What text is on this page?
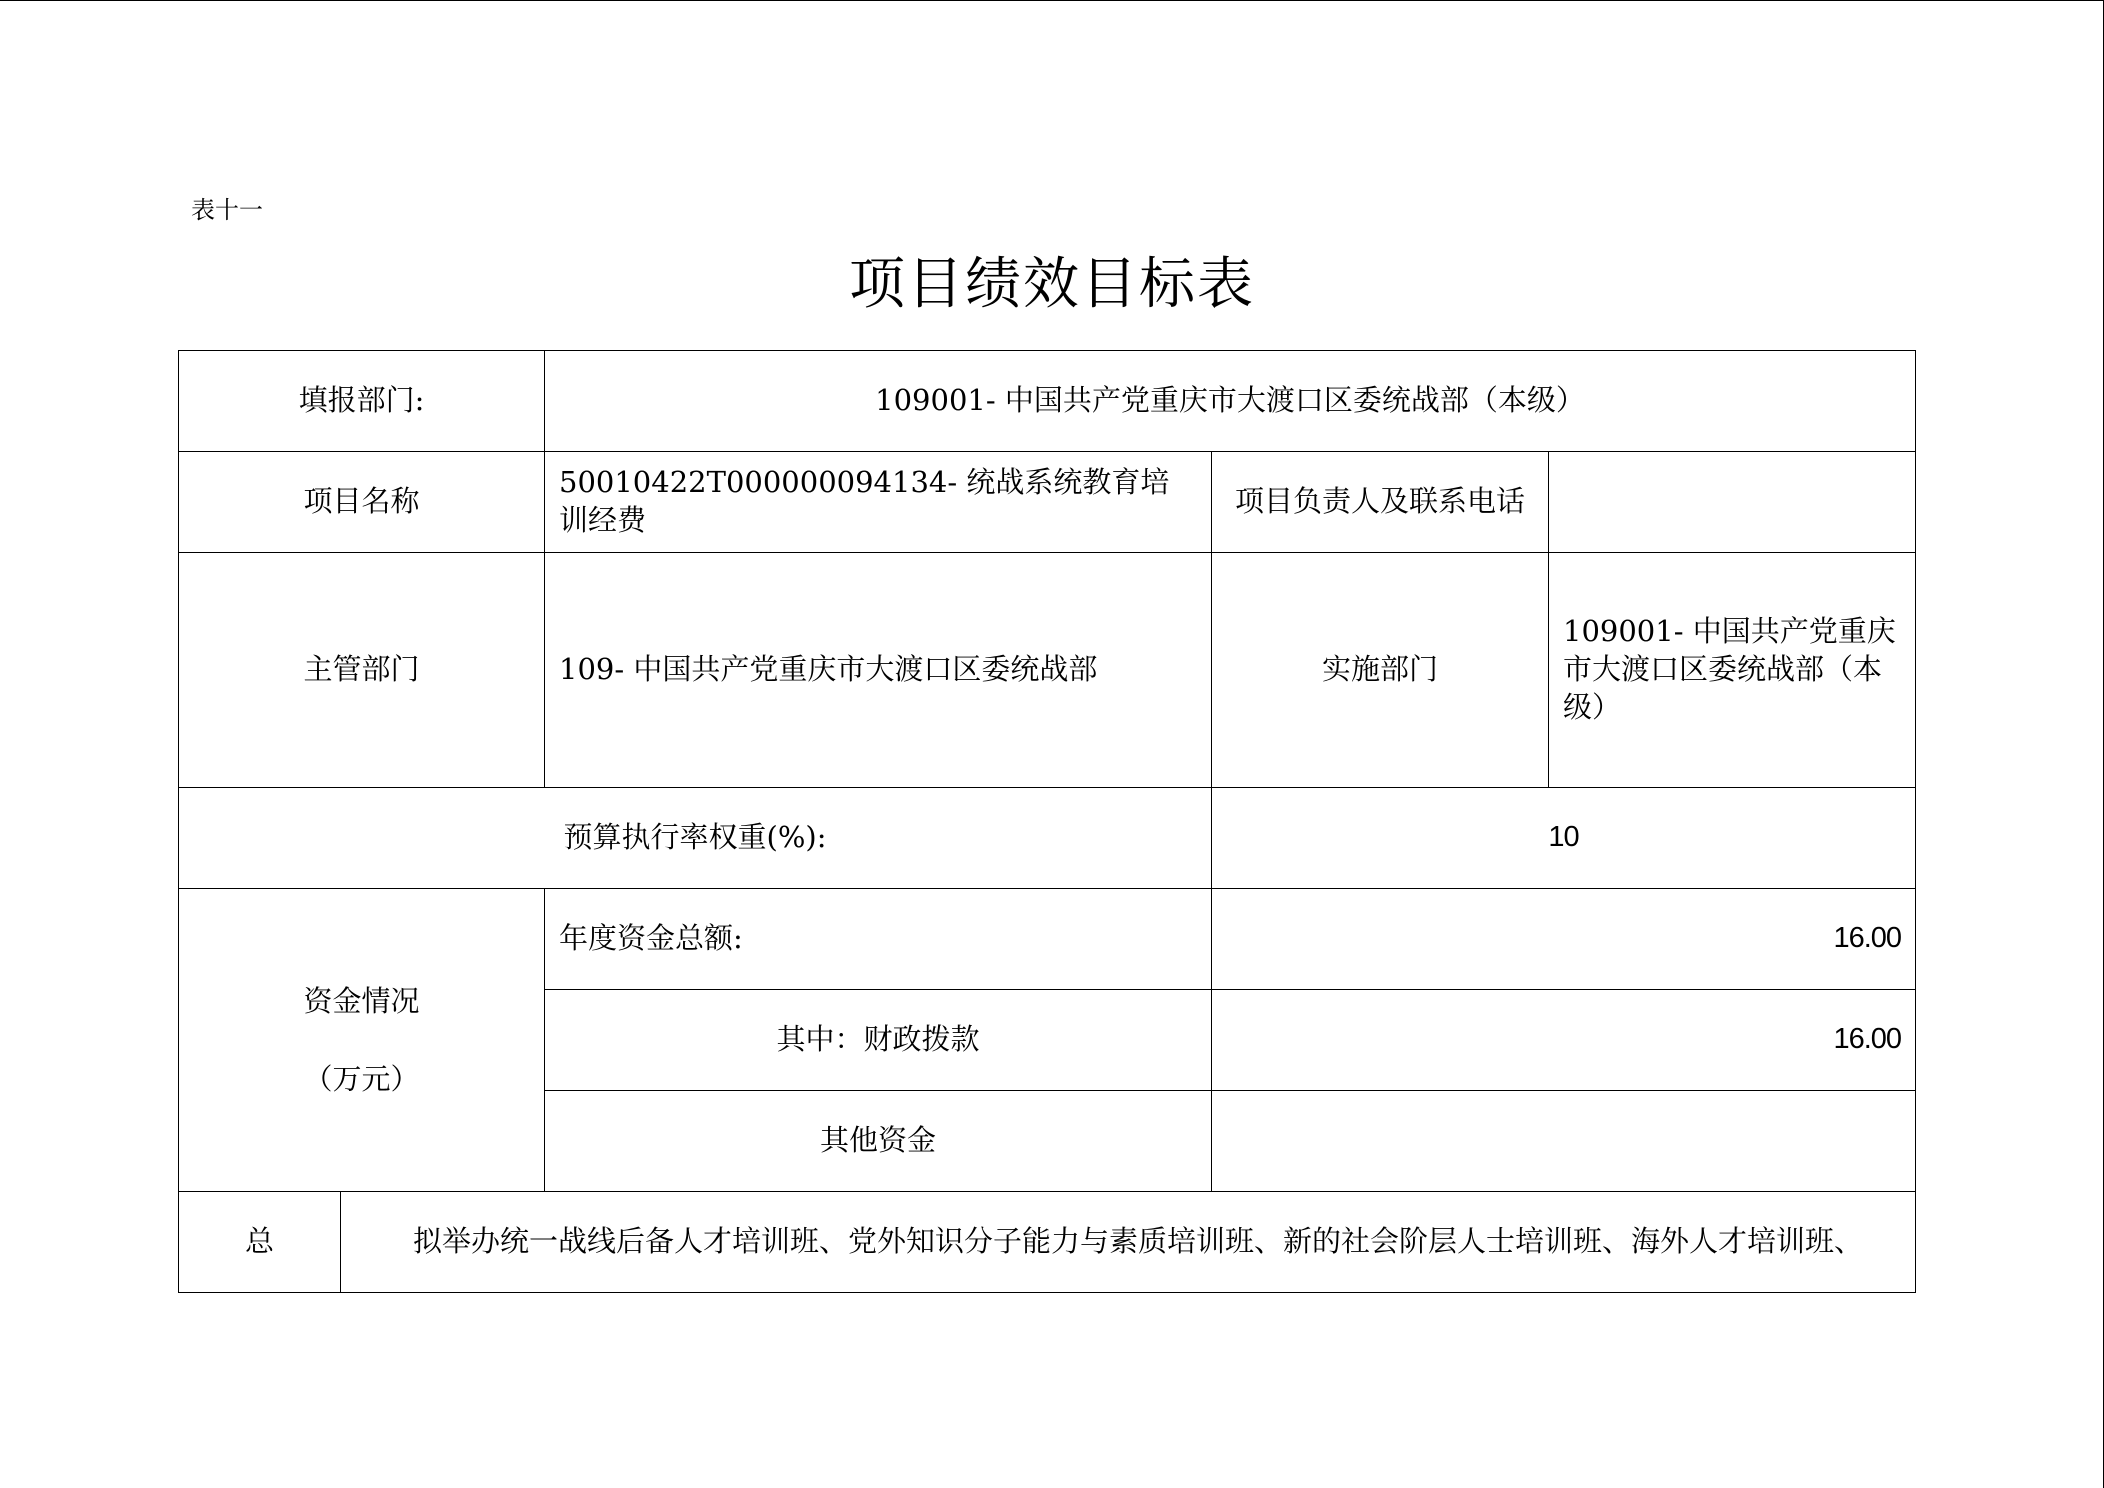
表十一
项目绩效目标表
填报部门:		109001- 中国共产党重庆市大渡口区委统战部（本级）		
项目名称		50010422T000000094134- 统战系统教育培训经费	项目负责人及联系电话	
主管部门		109- 中国共产党重庆市大渡口区委统战部	实施部门	109001- 中国共产党重庆市大渡口区委统战部（本级）
预算执行率权重(%):			10	

资金情况
（万元）		年度资金总额:	16.00	
		其中：财政拨款	16.00	
		其他资金		
总	拟举办统一战线后备人才培训班、党外知识分子能力与素质培训班、新的社会阶层人士培训班、海外人才培训班、			
